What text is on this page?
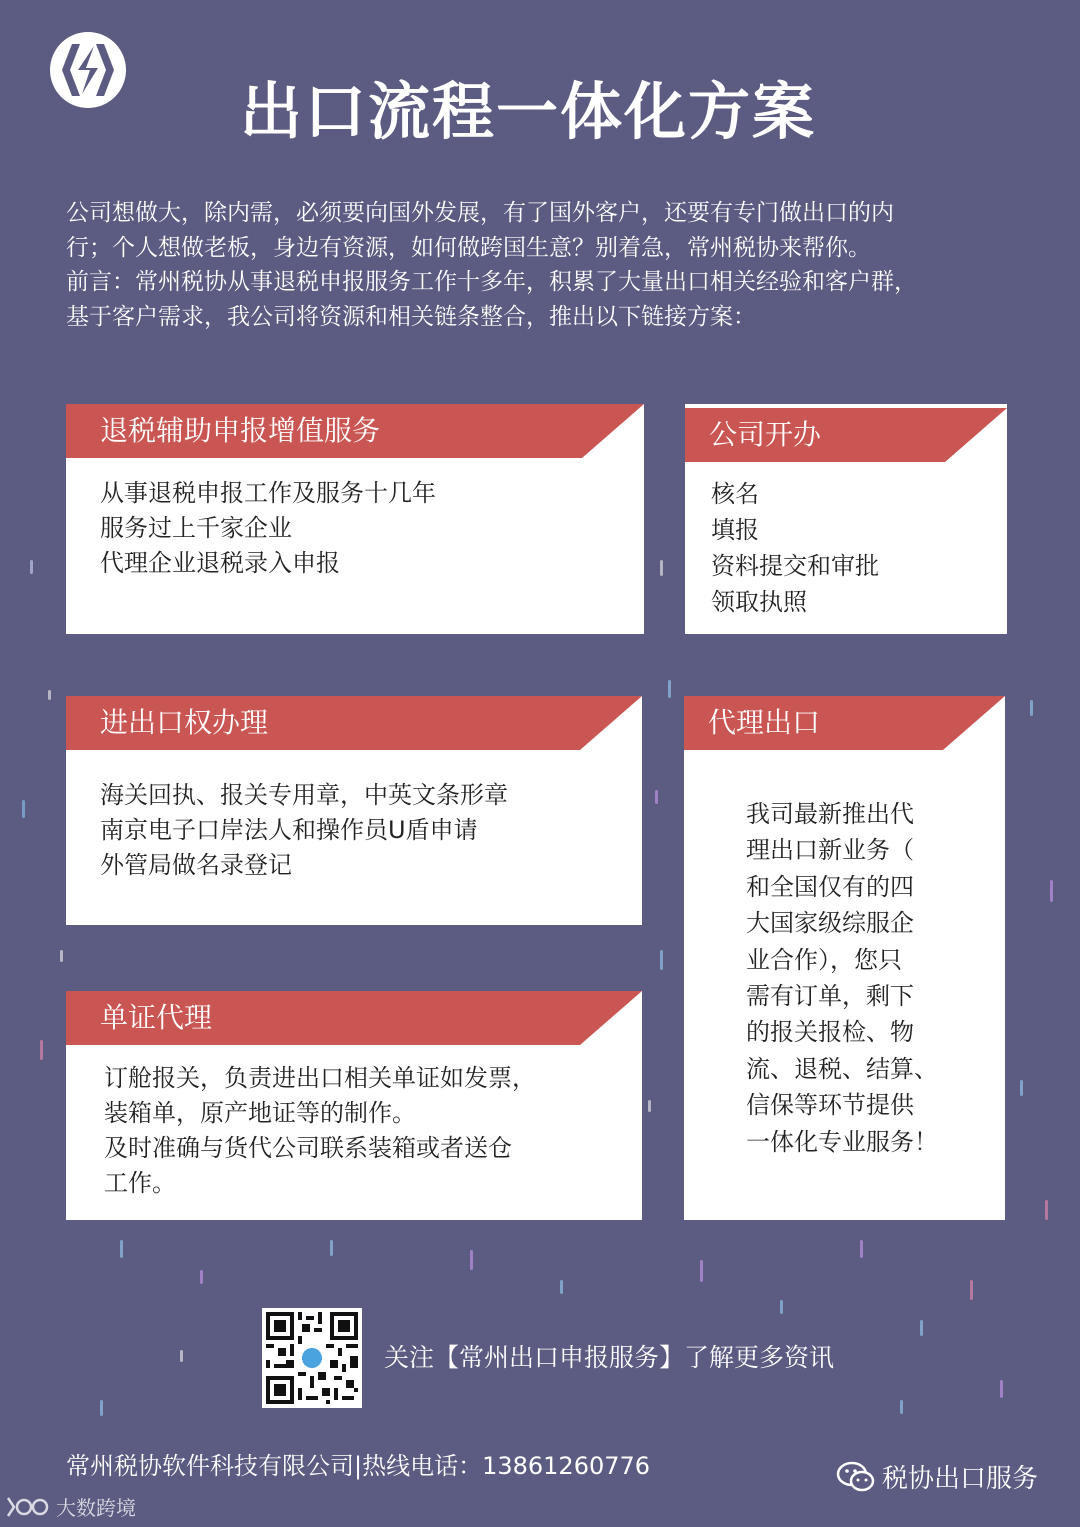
出口流程一体化方案
公司想做大，除内需，必须要向国外发展，有了国外客户，还要有专门做出口的内
行；个人想做老板，身边有资源，如何做跨国生意？别着急，常州税协来帮你。
前言：常州税协从事退税申报服务工作十多年，积累了大量出口相关经验和客户群，
基于客户需求，我公司将资源和相关链条整合，推出以下链接方案：
退税辅助申报增值服务
从事退税申报工作及服务十几年
服务过上千家企业
代理企业退税录入申报
公司开办
核名
填报
资料提交和审批
领取执照
进出口权办理
海关回执、报关专用章，中英文条形章
南京电子口岸法人和操作员U盾申请
外管局做名录登记
代理出口
我司最新推出代
理出口新业务（
和全国仅有的四
大国家级综服企
业合作），您只
需有订单，剩下
的报关报检、物
流、退税、结算、
信保等环节提供
一体化专业服务！
单证代理
订舱报关，负责进出口相关单证如发票，
装箱单，原产地证等的制作。
及时准确与货代公司联系装箱或者送仓
工作。
关注【常州出口申报服务】了解更多资讯
常州税协软件科技有限公司|热线电话：13861260776	税协出口服务
大数跨境
